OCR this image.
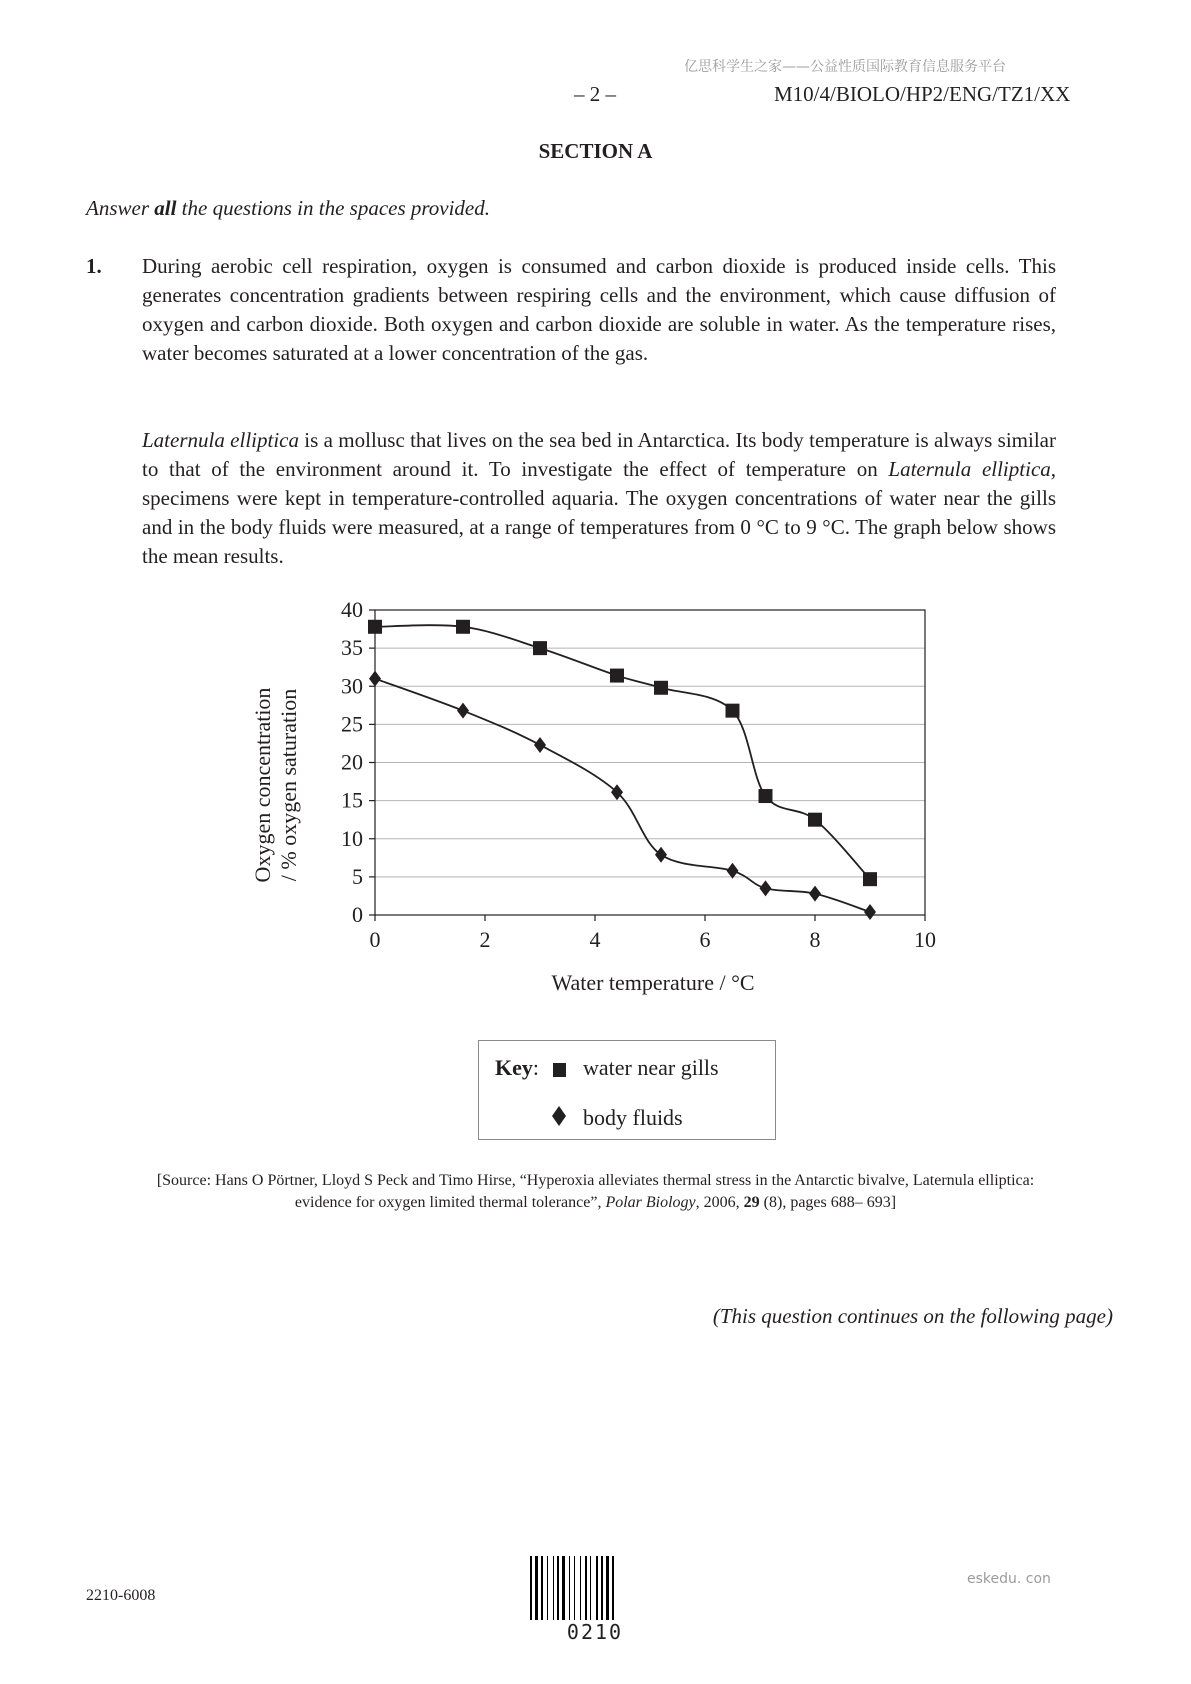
亿思科学生之家——公益性质国际教育信息服务平台
– 2 –	M10/4/BIOLO/HP2/ENG/TZ1/XX
SECTION A
Answer all the questions in the spaces provided.
1. During aerobic cell respiration, oxygen is consumed and carbon dioxide is produced inside cells. This generates concentration gradients between respiring cells and the environment, which cause diffusion of oxygen and carbon dioxide. Both oxygen and carbon dioxide are soluble in water. As the temperature rises, water becomes saturated at a lower concentration of the gas.
Laternula elliptica is a mollusc that lives on the sea bed in Antarctica. Its body temperature is always similar to that of the environment around it. To investigate the effect of temperature on Laternula elliptica, specimens were kept in temperature-controlled aquaria. The oxygen concentrations of water near the gills and in the body fluids were measured, at a range of temperatures from 0 °C to 9 °C. The graph below shows the mean results.
0
5
10
15
20
25
30
35
40
0	2	4	6	8	10
Water temperature / °C
Oxygen concentration / % oxygen saturation
Key: water near gills
body fluids
[Source: Hans O Pörtner, Lloyd S Peck and Timo Hirse, “Hyperoxia alleviates thermal stress in the Antarctic bivalve, Laternula elliptica:
evidence for oxygen limited thermal tolerance”, Polar Biology, 2006, 29 (8), pages 688– 693]
(This question continues on the following page)
2210-6008
0210
eskedu. con
